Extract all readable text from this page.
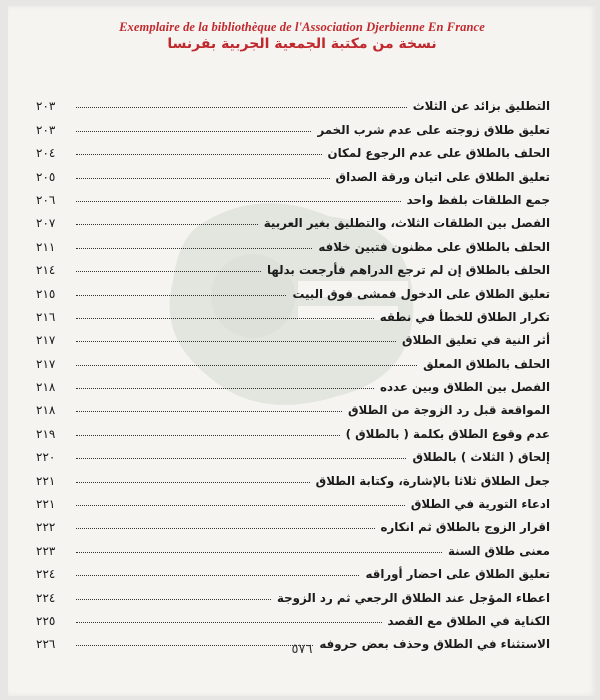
Exemplaire de la bibliothèque de l'Association Djerbienne En France
نسخة من مكتبة الجمعية الجربية بفرنسا
التطليق بزائد عن الثلاث
٢٠٣
تعليق طلاق زوجته على عدم شرب الخمر
٢٠٣
الحلف بالطلاق على عدم الرجوع لمكان
٢٠٤
تعليق الطلاق على اتيان ورقة الصداق
٢٠٥
جمع الطلقات بلفظ واحد
٢٠٦
الفصل بين الطلقات الثلاث، والتطليق بغير العربية
٢٠٧
الحلف بالطلاق على مظنون فتبين خلافه
٢١١
الحلف بالطلاق إن لم ترجع الدراهم فأرجعت بدلها
٢١٤
تعليق الطلاق على الدخول فمشى فوق البيت
٢١٥
تكرار الطلاق للخطأ في نطقه
٢١٦
أثر النية في تعليق الطلاق
٢١٧
الحلف بالطلاق المعلق
٢١٧
الفصل بين الطلاق وبين عدده
٢١٨
المواقعة قبل رد الزوجة من الطلاق
٢١٨
عدم وقوع الطلاق بكلمة ( بالطلاق )
٢١٩
إلحاق ( الثلاث ) بالطلاق
٢٢٠
جعل الطلاق ثلاثا بالإشارة، وكتابة الطلاق
٢٢١
ادعاء التورية في الطلاق
٢٢١
اقرار الزوج بالطلاق ثم انكاره
٢٢٢
معنى طلاق السنة
٢٢٣
تعليق الطلاق على احضار أوراقه
٢٢٤
اعطاء المؤجل عند الطلاق الرجعي ثم رد الزوجة
٢٢٤
الكناية في الطلاق مع القصد
٢٢٥
الاستثناء في الطلاق وحذف بعض حروفه
٢٢٦	٥٧٦
